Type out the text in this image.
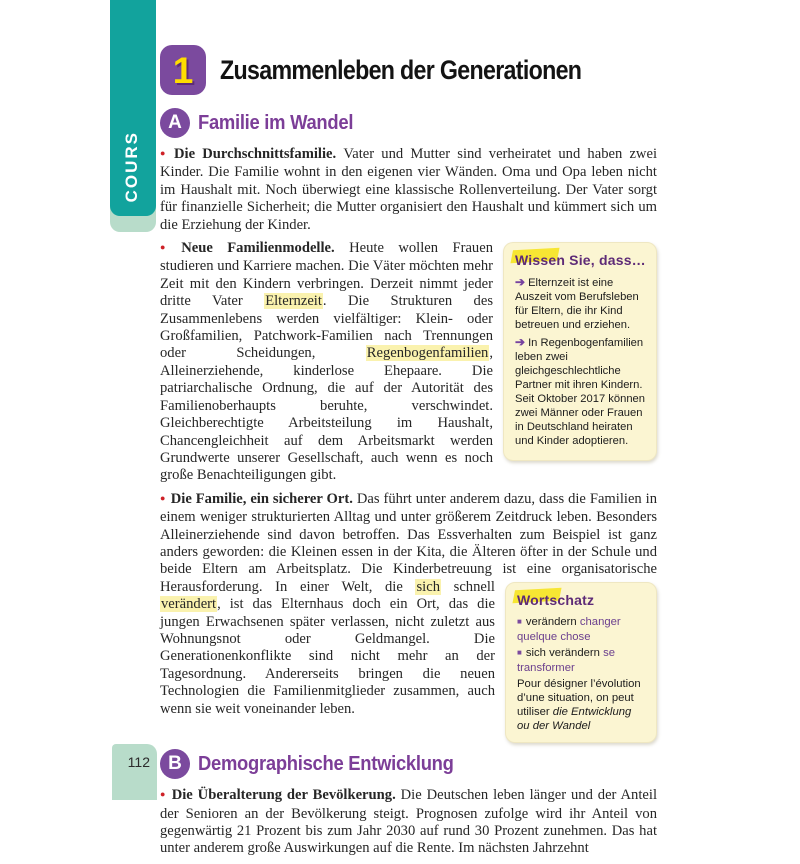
COURS
112
1 Zusammenleben der Generationen
A Familie im Wandel
● Die Durchschnittsfamilie. Vater und Mutter sind verheiratet und haben zwei Kinder. Die Familie wohnt in den eigenen vier Wänden. Oma und Opa leben nicht im Haushalt mit. Noch überwiegt eine klassische Rollenverteilung. Der Vater sorgt für finanzielle Sicherheit; die Mutter organisiert den Haushalt und kümmert sich um die Erziehung der Kinder.
Wissen Sie, dass…
➔ Elternzeit ist eine Auszeit vom Berufsleben für Eltern, die ihr Kind betreuen und erziehen.
➔ In Regenbogenfamilien leben zwei gleichgeschlechtliche Partner mit ihren Kindern. Seit Oktober 2017 können zwei Männer oder Frauen in Deutschland heiraten und Kinder adoptieren.
● Neue Familienmodelle. Heute wollen Frauen studieren und Karriere machen. Die Väter möchten mehr Zeit mit den Kindern verbringen. Derzeit nimmt jeder dritte Vater Elternzeit. Die Strukturen des Zusammenlebens werden vielfältiger: Klein- oder Großfamilien, Patchwork-Familien nach Trennungen oder Scheidungen, Regenbogenfamilien, Alleinerziehende, kinderlose Ehepaare. Die patriarchalische Ordnung, die auf der Autorität des Familienoberhaupts beruhte, verschwindet. Gleichberechtigte Arbeitsteilung im Haushalt, Chancengleichheit auf dem Arbeitsmarkt werden Grundwerte unserer Gesellschaft, auch wenn es noch große Benachteiligungen gibt.
● Die Familie, ein sicherer Ort. Das führt unter anderem dazu, dass die Familien in einem weniger strukturierten Alltag und unter größerem Zeitdruck leben. Besonders Alleinerziehende sind davon betroffen. Das Essverhalten zum Beispiel ist ganz anders geworden: die Kleinen essen in der Kita, die Älteren öfter in der Schule und beide Eltern am Arbeitsplatz. Die Kinderbetreuung ist eine organisatorische
Wortschatz
■ verändern changer quelque chose
■ sich verändern se transformer
Pour désigner l’évolution d’une situation, on peut utiliser die Entwicklung ou der Wandel
Herausforderung. In einer Welt, die sich schnell verändert, ist das Elternhaus doch ein Ort, das die jungen Erwachsenen später verlassen, nicht zuletzt aus Wohnungsnot oder Geldmangel. Die Generationenkonflikte sind nicht mehr an der Tagesordnung. Andererseits bringen die neuen Technologien die Familienmitglieder zusammen, auch wenn sie weit voneinander leben.
B Demographische Entwicklung
● Die Überalterung der Bevölkerung. Die Deutschen leben länger und der Anteil der Senioren an der Bevölkerung steigt. Prognosen zufolge wird ihr Anteil von gegenwärtig 21 Prozent bis zum Jahr 2030 auf rund 30 Prozent zunehmen. Das hat unter anderem große Auswirkungen auf die Rente. Im nächsten Jahrzehnt
